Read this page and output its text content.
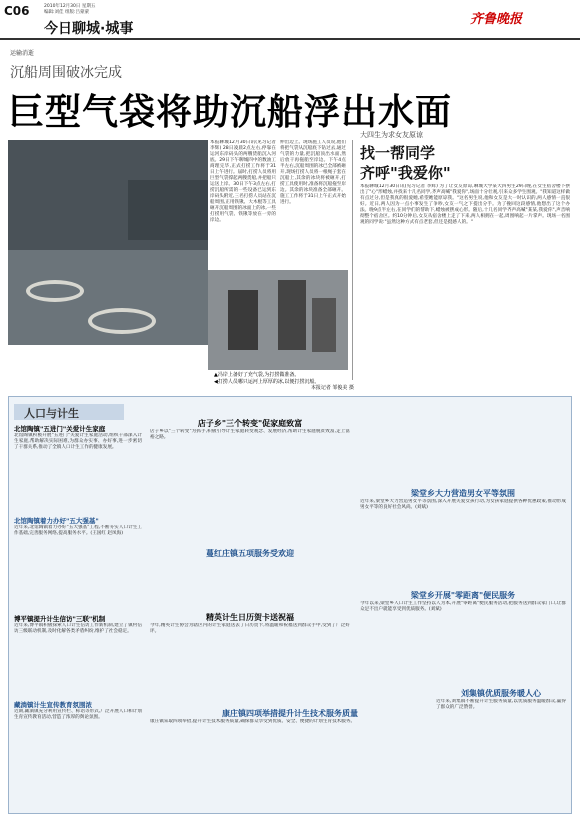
C06	2010年12月30日 星期五
编辑:刘佳 组版:吕蒙蒙
今日聊城·城事
齐鲁晚报
运输消逝
沉船周围破冰完成
巨型气袋将助沉船浮出水面
▲冯岸上备好了充气袋,为打捞做准备。
◀打捞人员哪只运河上厚厚的冰,以便打捞沉船。
本报记者 邹俊美 摄
本报聊城12月30日讯(见习记者 李辉) 28日凌晨2点左右,停靠在运河东岸码头的两艘货船沉入河底。29日下午聊城四中的数油工商理完毕,正式打捞工作将于31日上午进行。届时,打捞人员将用巨型气袋撑起两艘货船,并把船只运送上岸。30日下午3点左右,打捞沉船所需的一些设备已运到东岸码头附近,三名打捞人员站在沉船周围,正用铁锹、大木棍等工具砸开沉船周围的冰面上的冰,一些打捞用气袋、铁锹等放在一旁的岸边。
伸出边上。现场施工人员说,他们将把气袋从沉船底下钻过去,通过气袋的力量,把沉船顶出水面,然后放干再拖船至岸边。下午4点半左右,沉船周围的冰已全部被砸开,现场打捞人员将一根绳子套在沉船上,其余的冰块将被砸开,打捞工具使用时,准备将沉船拖至岸边。其余的冰块准备全部砸开。施工工作将于31日上午正式开始进行。
大四生为求女友原谅
找一帮同学
齐呼"我爱你"
本报聊城12月30日讯(见习记者 李辉) 为了让女友原谅,聊城大学某大四男生29日晚,在女生宿舍楼下摆出了"心"形蜡烛,并找来十几名同学,齐声高喊"我爱你",场面十分壮观,引来众多学生围观。"我知道这样做有点过分,但是我真的很爱她,希望她能原谅我。"这名男生说,他和女友是大一时认识的,两人感情一直很好。近日,两人因为一点小事发生了争吵,女友一气之下提出分手。为了挽回这段感情,他想出了这个办法。晚9点半左右,在同学们的帮助下,蜡烛被摆成心形。随后,十几名同学齐声高喊"某某,我爱你",声音响彻整个宿舍区。约10分钟后,女友从宿舍楼上走了下来,两人相拥在一起,周围响起一片掌声。现场一名围观的同学说:"虽然这种方式有点老套,但还是挺感人的。"
人口与计生
北馆陶镇"五进门"关爱计生家庭
北馆陶镇积极开展"五进门"关爱计生家庭活动,组织干部深入计生家庭,帮助解决实际困难,为群众办实事、办好事,进一步密切了干群关系,推动了全镇人口计生工作的健康发展。
北馆陶镇着力办好"五大强基"
近年来,北馆陶镇着力办好"五大强基"工程,不断夯实人口计生工作基础,完善服务网络,提高服务水平。(王国红 赵凤海)
博平镇提升计生信访"三联"机制
近年来,博平镇积极探索人口计生信访工作新机制,建立了镇村信访三级联动机制,及时化解各类矛盾纠纷,维护了社会稳定。
藏淌镇计生宣传教育氛围浓
近期,藏淌镇充分利用宣传栏、标语等形式,广泛开展人口和计划生育宣传教育活动,营造了浓厚的舆论氛围。
店子乡"三个转变"促家庭致富
店子乡以"三个转变"为抓手,积极引导计生家庭转变观念、发展经济,帮助计生家庭脱贫致富,走上富裕之路。
蔓红庄镇五项服务受欢迎
精英计生日历贺卡送祝福
今年,精英计生协会为辖区内的计生家庭送去了日历贺卡,将温暖和祝福送到群众手中,受到了广泛好评。
康庄镇四项举措提升计生技术服务质量
康庄镇采取四项举措,提升计生技术服务质量,确保群众享受到优质、安全、便捷的计划生育技术服务。
梁堂乡大力营造男女平等氛围
近年来,梁堂乡大力营造男女平等氛围,深入开展关爱女孩行动,为女孩家庭提供各种优惠政策,推动形成男女平等的良好社会风尚。(刘斌)
梁堂乡开展"零距离"便民服务
今年以来,梁堂乡人口计生工作坚持以人为本,开展"零距离"便民服务活动,把服务送到群众家门口,让群众足不出户就能享受到优质服务。(刘斌)
刘集镇优质服务暖人心
近年来,刘集镇不断提升计生服务质量,以优质服务温暖群众,赢得了群众的广泛赞誉。
